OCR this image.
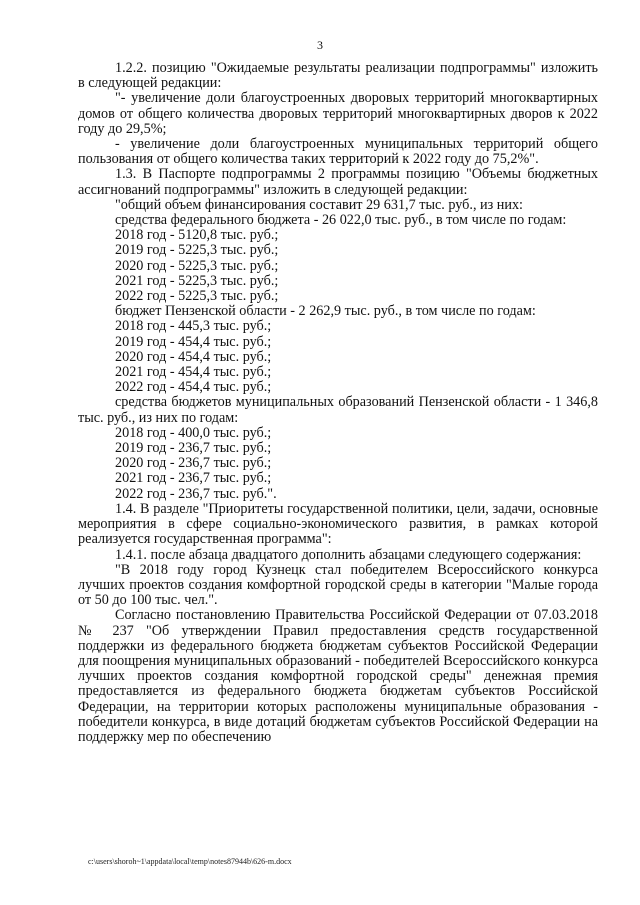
3

1.2.2. позицию "Ожидаемые результаты реализации подпрограммы" изложить в следующей редакции:

"- увеличение доли благоустроенных дворовых территорий многоквартирных домов от общего количества дворовых территорий многоквартирных дворов к 2022 году до 29,5%;

- увеличение доли благоустроенных муниципальных территорий общего пользования от общего количества таких территорий к 2022 году до 75,2%".

1.3. В Паспорте подпрограммы 2 программы позицию "Объемы бюджетных ассигнований подпрограммы" изложить в следующей редакции:

"общий объем финансирования составит 29 631,7 тыс. руб., из них:

средства федерального бюджета - 26 022,0 тыс. руб., в том числе по годам:

2018 год - 5120,8 тыс. руб.;
2019 год - 5225,3 тыс. руб.;
2020 год - 5225,3 тыс. руб.;
2021 год - 5225,3 тыс. руб.;
2022 год - 5225,3 тыс. руб.;

бюджет Пензенской области - 2 262,9 тыс. руб., в том числе по годам:

2018 год - 445,3 тыс. руб.;
2019 год - 454,4 тыс. руб.;
2020 год - 454,4 тыс. руб.;
2021 год - 454,4 тыс. руб.;
2022 год - 454,4 тыс. руб.;

средства бюджетов муниципальных образований Пензенской области - 1 346,8 тыс. руб., из них по годам:

2018 год - 400,0 тыс. руб.;
2019 год - 236,7 тыс. руб.;
2020 год - 236,7 тыс. руб.;
2021 год - 236,7 тыс. руб.;
2022 год - 236,7 тыс. руб.".

1.4. В разделе "Приоритеты государственной политики, цели, задачи, основные мероприятия в сфере социально-экономического развития, в рамках которой реализуется государственная программа":

1.4.1. после абзаца двадцатого дополнить абзацами следующего содержания:

"В 2018 году город Кузнецк стал победителем Всероссийского конкурса лучших проектов создания комфортной городской среды в категории "Малые города от 50 до 100 тыс. чел.".

Согласно постановлению Правительства Российской Федерации от 07.03.2018 № 237 "Об утверждении Правил предоставления средств государственной поддержки из федерального бюджета бюджетам субъектов Российской Федерации для поощрения муниципальных образований - победителей Всероссийского конкурса лучших проектов создания комфортной городской среды" денежная премия предоставляется из федерального бюджета бюджетам субъектов Российской Федерации, на территории которых расположены муниципальные образования - победители конкурса, в виде дотаций бюджетам субъектов Российской Федерации на поддержку мер по обеспечению

c:\users\shoroh~1\appdata\local\temp\notes87944b\626-m.docx
